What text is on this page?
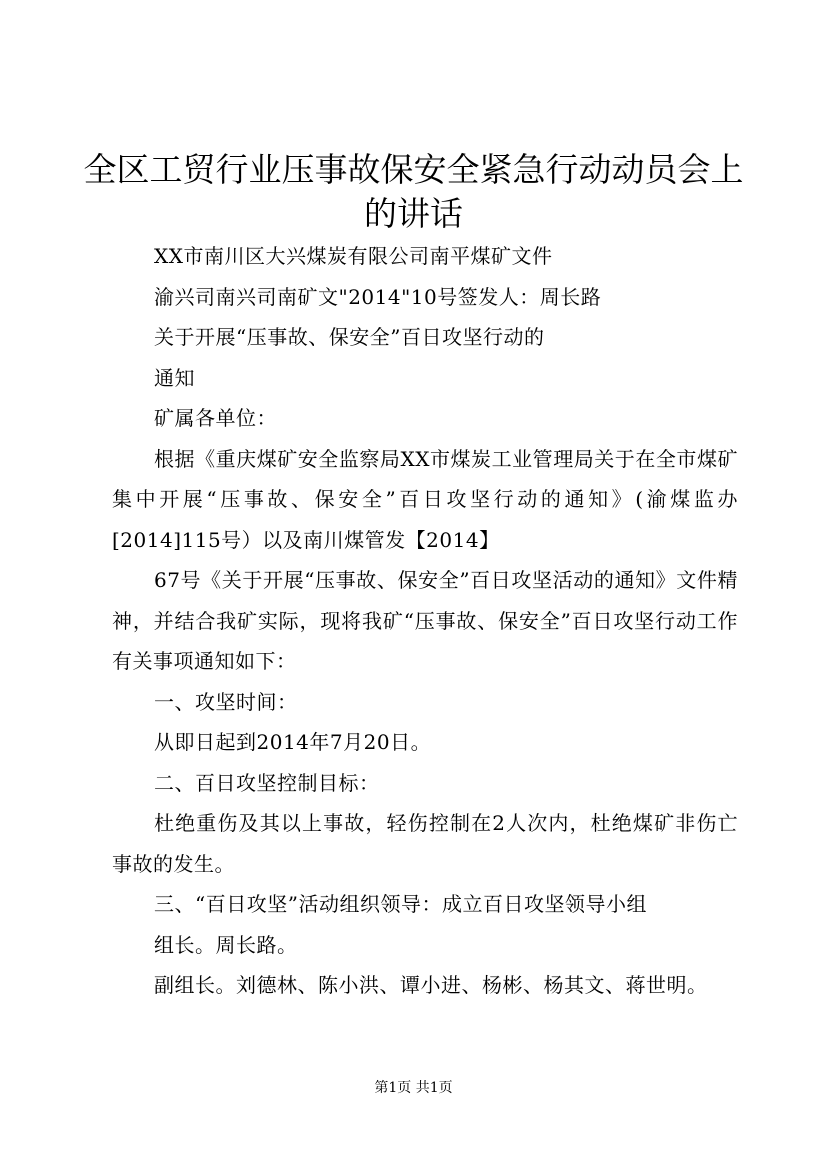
全区工贸行业压事故保安全紧急行动动员会上
的讲话

XX市南川区大兴煤炭有限公司南平煤矿文件

渝兴司南兴司南矿文"2014"10号签发人：周长路

关于开展“压事故、保安全”百日攻坚行动的

通知

矿属各单位：

根据《重庆煤矿安全监察局XX市煤炭工业管理局关于在全市煤矿集中开展“压事故、保安全”百日攻坚行动的通知》(渝煤监办[2014]115号）以及南川煤管发【2014】

67号《关于开展“压事故、保安全”百日攻坚活动的通知》文件精神，并结合我矿实际，现将我矿“压事故、保安全”百日攻坚行动工作有关事项通知如下：

一、攻坚时间：

从即日起到2014年7月20日。

二、百日攻坚控制目标：

杜绝重伤及其以上事故，轻伤控制在2人次内，杜绝煤矿非伤亡事故的发生。

三、“百日攻坚”活动组织领导：成立百日攻坚领导小组

组长。周长路。

副组长。刘德林、陈小洪、谭小进、杨彬、杨其文、蒋世明。

第1页 共1页
